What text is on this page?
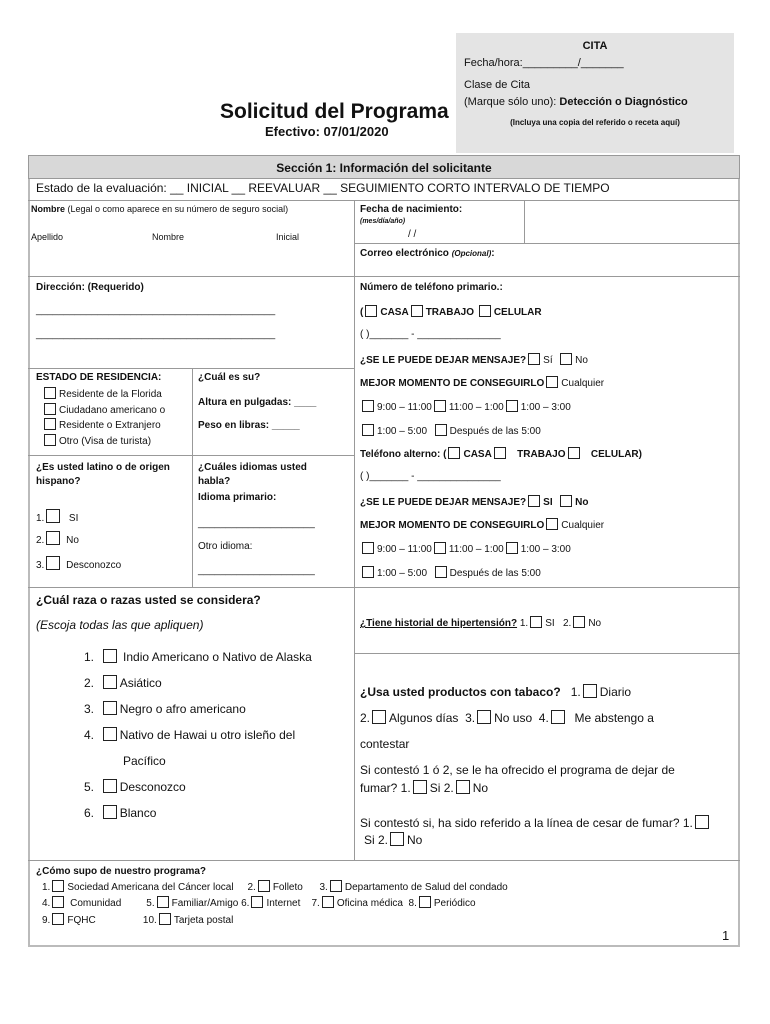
CITA
Fecha/hora:_________/_______
Clase de Cita
(Marque sólo uno): Detección o Diagnóstico
(Incluya una copia del referido o receta aquí)
Solicitud del Programa
Efectivo: 07/01/2020
Sección 1: Información del solicitante
Estado de la evaluación: __ INICIAL __ REEVALUAR __ SEGUIMIENTO CORTO INTERVALO DE TIEMPO
Nombre (Legal o como aparece en su número de seguro social)
Apellido	Nombre	Inicial
Fecha de nacimiento:
(mes/día/año)
/ /
Correo electrónico (Opcional):
Dirección: (Requerido)
___________________________________________
___________________________________________
Número de teléfono primario.:
( CASA TRABAJO CELULAR
( )_______ - _______________
¿SE LE PUEDE DEJAR MENSAJE? Sí No
MEJOR MOMENTO DE CONSEGUIRLO Cualquier
9:00 – 11:00 11:00 – 1:00 1:00 – 3:00
1:00 – 5:00 Después de las 5:00
Teléfono alterno: ( CASA	TRABAJO	CELULAR)
( )_______ - _______________
¿SE LE PUEDE DEJAR MENSAJE? SI No
MEJOR MOMENTO DE CONSEGUIRLO Cualquier
9:00 – 11:00 11:00 – 1:00 1:00 – 3:00
1:00 – 5:00 Después de las 5:00
ESTADO DE RESIDENCIA:
Residente de la Florida
Ciudadano americano o
Residente o Extranjero
Otro (Visa de turista)
¿Cuál es su?
Altura en pulgadas: ____
Peso en libras: _____
¿Es usted latino o de origen
hispano?
1. SI
2. No
3. Desconozco
¿Cuáles idiomas usted
habla?
Idioma primario:
_____________________
Otro idioma:
_____________________
¿Cuál raza o razas usted se considera?
(Escoja todas las que apliquen)
1. Indio Americano o Nativo de Alaska
2. Asiático
3. Negro o afro americano
4. Nativo de Hawai u otro isleño del
Pacífico
5. Desconozco
6. Blanco
¿Tiene historial de hipertensión? 1. SI 2. No
¿Usa usted productos con tabaco? 1. Diario
2. Algunos días 3. No uso 4. Me abstengo a
contestar
Si contestó 1 ó 2, se le ha ofrecido el programa de dejar de
fumar? 1. Si 2. No
Si contestó si, ha sido referido a la línea de cesar de fumar? 1.
Si 2. No
¿Cómo supo de nuestro programa?
1. Sociedad Americana del Cáncer local 2. Folleto 3. Departamento de Salud del condado
4. Comunidad	5. Familiar/Amigo 6. Internet 7. Oficina médica 8. Periódico
9. FQHC	10. Tarjeta postal
1
